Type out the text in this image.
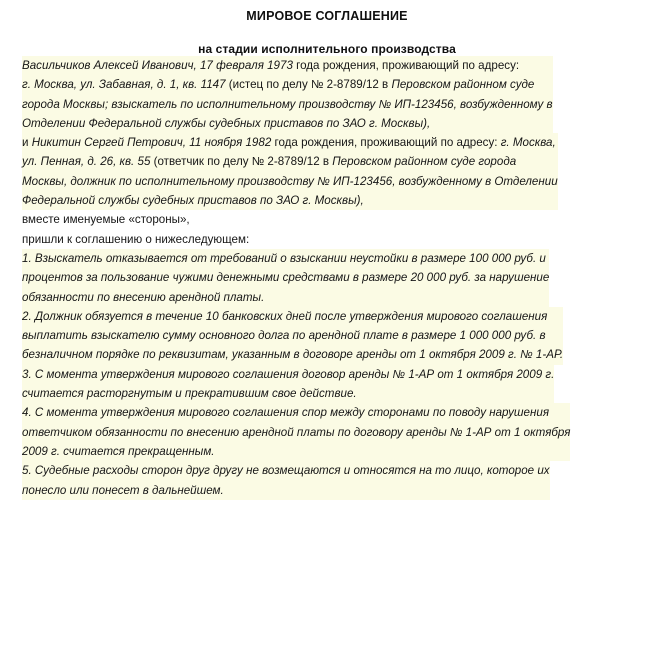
МИРОВОЕ СОГЛАШЕНИЕ
на стадии исполнительного производства

Васильчиков Алексей Иванович, 17 февраля 1973 года рождения, проживающий по адресу:
г. Москва, ул. Забавная, д. 1, кв. 1147 (истец по делу № 2-8789/12 в Перовском районном суде
города Москвы; взыскатель по исполнительному производству № ИП-123456, возбужденному в
Отделении Федеральной службы судебных приставов по ЗАО г. Москвы),

и Никитин Сергей Петрович, 11 ноября 1982 года рождения, проживающий по адресу: г. Москва,
ул. Пенная, д. 26, кв. 55 (ответчик по делу № 2-8789/12 в Перовском районном суде города
Москвы, должник по исполнительному производству № ИП-123456, возбужденному в Отделении
Федеральной службы судебных приставов по ЗАО г. Москвы),

вместе именуемые «стороны»,

пришли к соглашению о нижеследующем:

1. Взыскатель отказывается от требований о взыскании неустойки в размере 100 000 руб. и
процентов за пользование чужими денежными средствами в размере 20 000 руб. за нарушение
обязанности по внесению арендной платы.

2. Должник обязуется в течение 10 банковских дней после утверждения мирового соглашения
выплатить взыскателю сумму основного долга по арендной плате в размере 1 000 000 руб. в
безналичном порядке по реквизитам, указанным в договоре аренды от 1 октября 2009 г. № 1-АР.

3. С момента утверждения мирового соглашения договор аренды № 1-АР от 1 октября 2009 г.
считается расторгнутым и прекратившим свое действие.

4. С момента утверждения мирового соглашения спор между сторонами по поводу нарушения
ответчиком обязанности по внесению арендной платы по договору аренды № 1-АР от 1 октября
2009 г. считается прекращенным.

5. Судебные расходы сторон друг другу не возмещаются и относятся на то лицо, которое их
понесло или понесет в дальнейшем.
